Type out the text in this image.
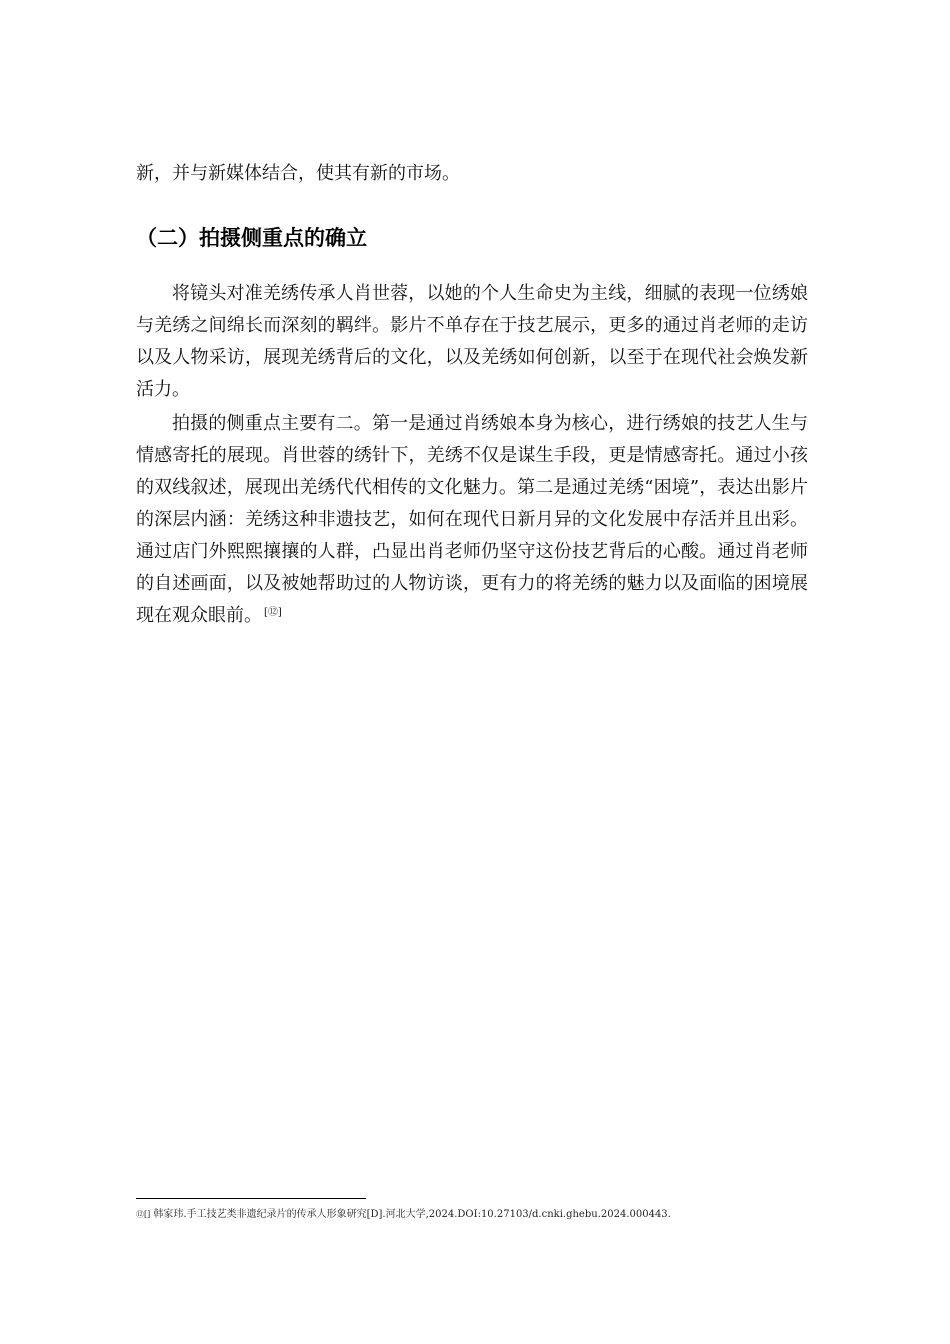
新，并与新媒体结合，使其有新的市场。

（二）拍摄侧重点的确立

将镜头对准羌绣传承人肖世蓉，以她的个人生命史为主线，细腻的表现一位绣娘与羌绣之间绵长而深刻的羁绊。影片不单存在于技艺展示，更多的通过肖老师的走访以及人物采访，展现羌绣背后的文化，以及羌绣如何创新，以至于在现代社会焕发新活力。

拍摄的侧重点主要有二。第一是通过肖绣娘本身为核心，进行绣娘的技艺人生与情感寄托的展现。肖世蓉的绣针下，羌绣不仅是谋生手段，更是情感寄托。通过小孩的双线叙述，展现出羌绣代代相传的文化魅力。第二是通过羌绣“困境”，表达出影片的深层内涵：羌绣这种非遗技艺，如何在现代日新月异的文化发展中存活并且出彩。通过店门外熙熙攘攘的人群，凸显出肖老师仍坚守这份技艺背后的心酸。通过肖老师的自述画面，以及被她帮助过的人物访谈，更有力的将羌绣的魅力以及面临的困境展现在观众眼前。 [⑫]

⑫[] 韩家玮.手工技艺类非遗纪录片的传承人形象研究[D].河北大学,2024.DOI:10.27103/d.cnki.ghebu.2024.000443.
